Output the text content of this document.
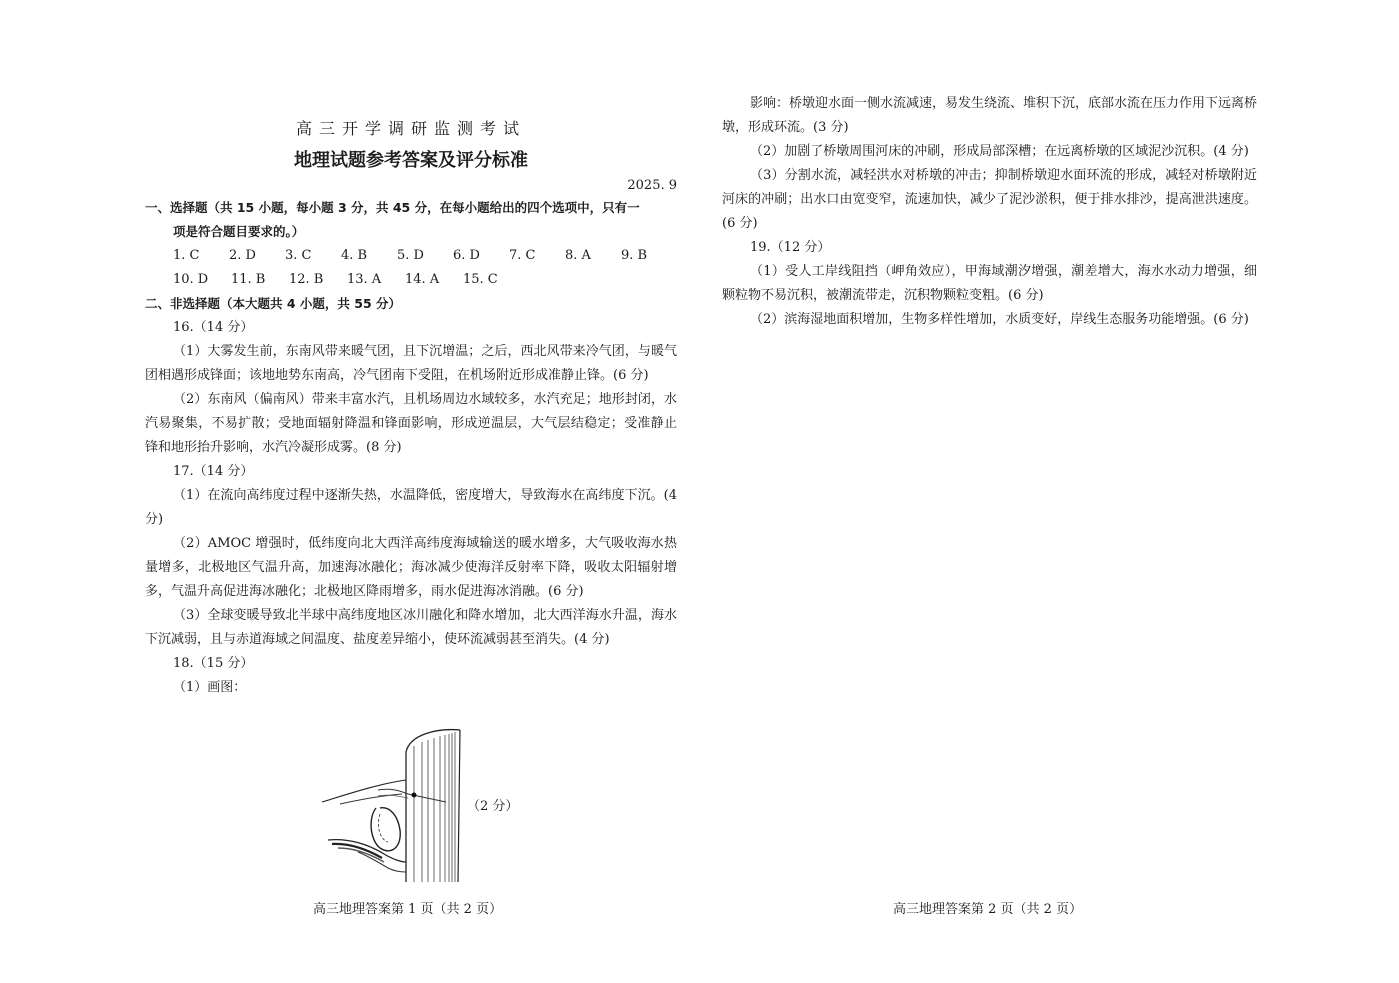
高三开学调研监测考试
地理试题参考答案及评分标准
2025. 9

一、选择题（共 15 小题，每小题 3 分，共 45 分，在每小题给出的四个选项中，只有一

项是符合题目要求的。）

1. C	2. D	3. C	4. B	5. D	6. D	7. C	8. A	9. B
10. D	11. B	12. B	13. A	14. A	15. C

二、非选择题（本大题共 4 小题，共 55 分）

16.（14 分）

（1）大雾发生前，东南风带来暖气团，且下沉增温；之后，西北风带来冷气团，与暖气团相遇形成锋面；该地地势东南高，冷气团南下受阻，在机场附近形成准静止锋。(6 分)

（2）东南风（偏南风）带来丰富水汽，且机场周边水域较多，水汽充足；地形封闭，水汽易聚集，不易扩散；受地面辐射降温和锋面影响，形成逆温层，大气层结稳定；受准静止锋和地形抬升影响，水汽冷凝形成雾。(8 分)

17.（14 分）

（1）在流向高纬度过程中逐渐失热，水温降低，密度增大，导致海水在高纬度下沉。(4 分)

（2）AMOC 增强时，低纬度向北大西洋高纬度海域输送的暖水增多，大气吸收海水热量增多，北极地区气温升高，加速海冰融化；海冰减少使海洋反射率下降，吸收太阳辐射增多，气温升高促进海冰融化；北极地区降雨增多，雨水促进海冰消融。(6 分)

（3）全球变暖导致北半球中高纬度地区冰川融化和降水增加，北大西洋海水升温，海水下沉减弱，且与赤道海域之间温度、盐度差异缩小，使环流减弱甚至消失。(4 分)

18.（15 分）

（1）画图：

（2 分）

影响：桥墩迎水面一侧水流减速，易发生绕流、堆积下沉，底部水流在压力作用下远离桥墩，形成环流。(3 分)

（2）加剧了桥墩周围河床的冲刷，形成局部深槽；在远离桥墩的区域泥沙沉积。(4 分)

（3）分割水流，减轻洪水对桥墩的冲击；抑制桥墩迎水面环流的形成，减轻对桥墩附近河床的冲刷；出水口由宽变窄，流速加快，减少了泥沙淤积，便于排水排沙，提高泄洪速度。(6 分)

19.（12 分）

（1）受人工岸线阻挡（岬角效应），甲海域潮汐增强，潮差增大，海水水动力增强，细颗粒物不易沉积，被潮流带走，沉积物颗粒变粗。(6 分)

（2）滨海湿地面积增加，生物多样性增加，水质变好，岸线生态服务功能增强。(6 分)

高三地理答案第 1 页（共 2 页）	高三地理答案第 2 页（共 2 页）
